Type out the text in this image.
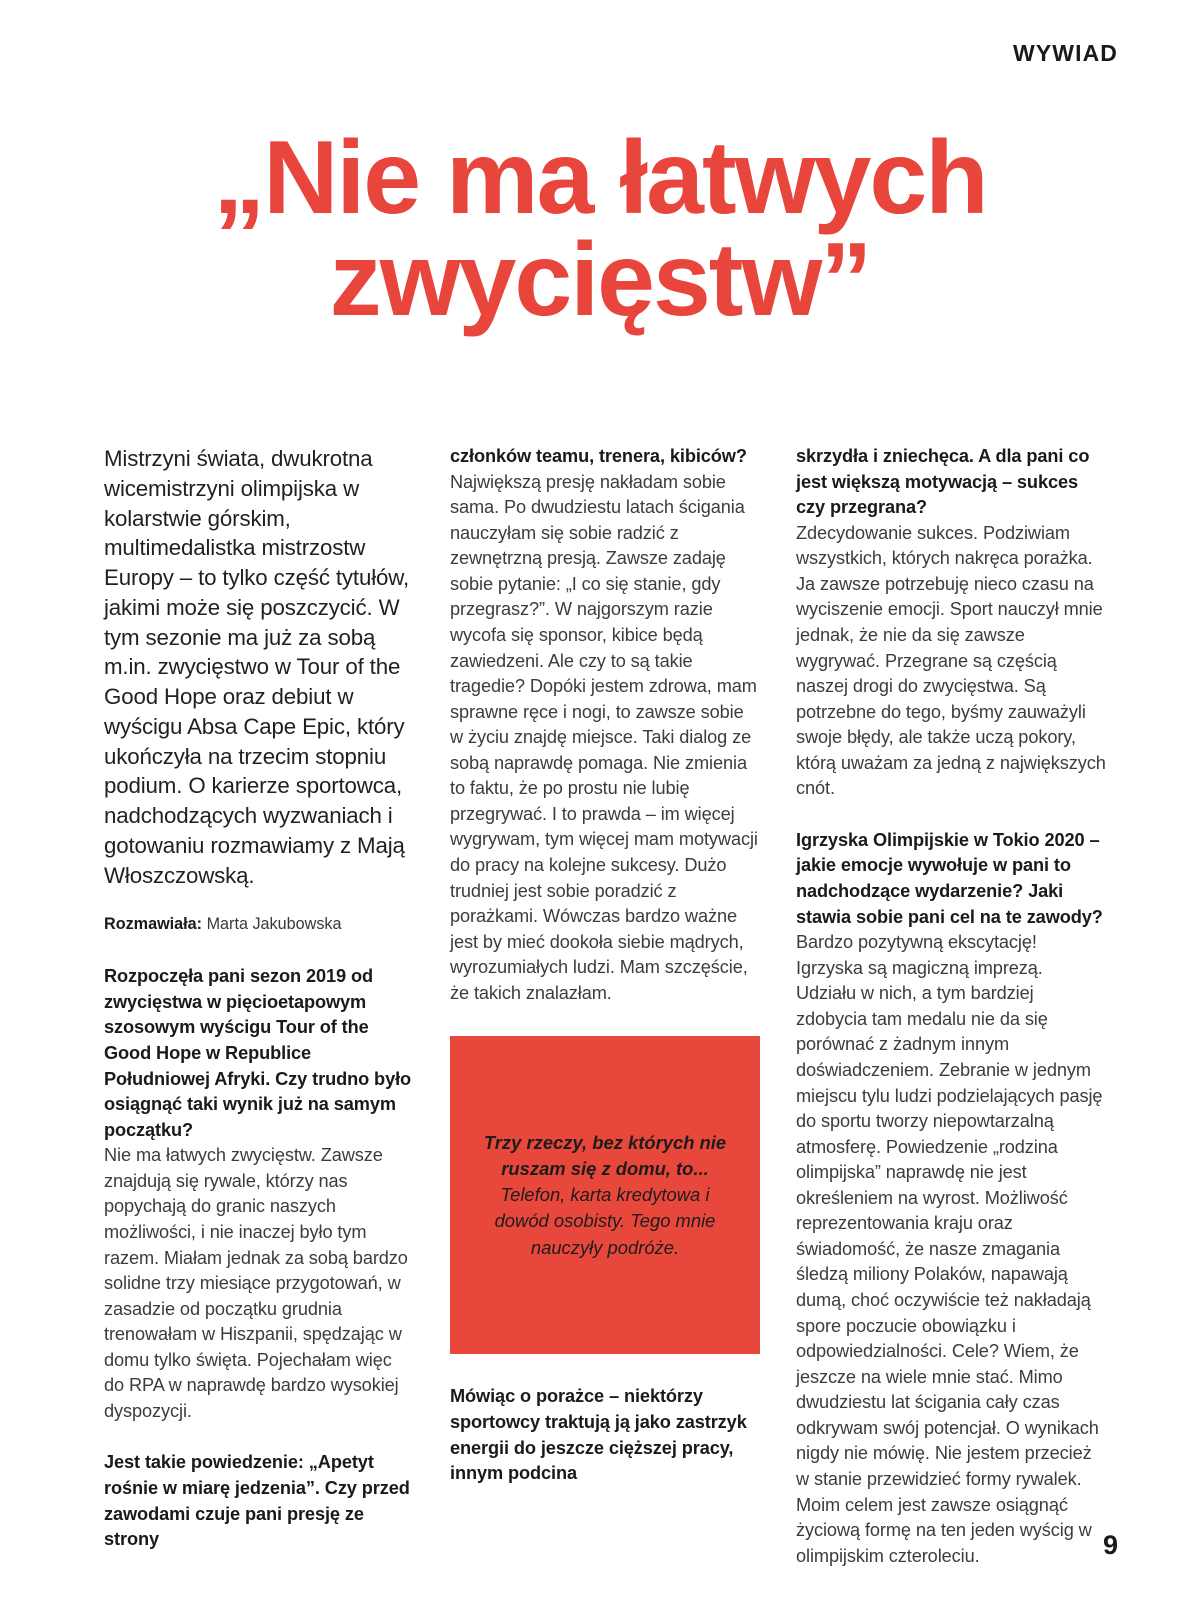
WYWIAD
„Nie ma łatwych
zwycięstw”

Mistrzyni świata, dwukrotna wicemistrzyni olimpijska w kolarstwie górskim, multimedalistka mistrzostw Europy – to tylko część tytułów, jakimi może się poszczycić. W tym sezonie ma już za sobą m.in. zwycięstwo w Tour of the Good Hope oraz debiut w wyścigu Absa Cape Epic, który ukończyła na trzecim stopniu podium. O karierze sportowca, nadchodzących wyzwaniach i gotowaniu rozmawiamy z Mają Włoszczowską.

Rozmawiała: Marta Jakubowska

Rozpoczęła pani sezon 2019 od zwycięstwa w pięcioetapowym szosowym wyścigu Tour of the Good Hope w Republice Południowej Afryki. Czy trudno było osiągnąć taki wynik już na samym początku?

Nie ma łatwych zwycięstw. Zawsze znajdują się rywale, którzy nas popychają do granic naszych możliwości, i nie inaczej było tym razem. Miałam jednak za sobą bardzo solidne trzy miesiące przygotowań, w zasadzie od początku grudnia trenowałam w Hiszpanii, spędzając w domu tylko święta. Pojechałam więc do RPA w naprawdę bardzo wysokiej dyspozycji.

Jest takie powiedzenie: „Apetyt rośnie w miarę jedzenia”. Czy przed zawodami czuje pani presję ze strony

członków teamu, trenera, kibiców?

Największą presję nakładam sobie sama. Po dwudziestu latach ścigania nauczyłam się sobie radzić z zewnętrzną presją. Zawsze zadaję sobie pytanie: „I co się stanie, gdy przegrasz?”. W najgorszym razie wycofa się sponsor, kibice będą zawiedzeni. Ale czy to są takie tragedie? Dopóki jestem zdrowa, mam sprawne ręce i nogi, to zawsze sobie w życiu znajdę miejsce. Taki dialog ze sobą naprawdę pomaga. Nie zmienia to faktu, że po prostu nie lubię przegrywać. I to prawda – im więcej wygrywam, tym więcej mam motywacji do pracy na kolejne sukcesy. Dużo trudniej jest sobie poradzić z porażkami. Wówczas bardzo ważne jest by mieć dookoła siebie mądrych, wyrozumiałych ludzi. Mam szczęście, że takich znalazłam.

Trzy rzeczy, bez których nie ruszam się z domu, to...
Telefon, karta kredytowa i dowód osobisty. Tego mnie nauczyły podróże.

Mówiąc o porażce – niektórzy sportowcy traktują ją jako zastrzyk energii do jeszcze cięższej pracy, innym podcina

skrzydła i zniechęca. A dla pani co jest większą motywacją – sukces czy przegrana?

Zdecydowanie sukces. Podziwiam wszystkich, których nakręca porażka. Ja zawsze potrzebuję nieco czasu na wyciszenie emocji. Sport nauczył mnie jednak, że nie da się zawsze wygrywać. Przegrane są częścią naszej drogi do zwycięstwa. Są potrzebne do tego, byśmy zauważyli swoje błędy, ale także uczą pokory, którą uważam za jedną z największych cnót.

Igrzyska Olimpijskie w Tokio 2020 – jakie emocje wywołuje w pani to nadchodzące wydarzenie? Jaki stawia sobie pani cel na te zawody?

Bardzo pozytywną ekscytację! Igrzyska są magiczną imprezą. Udziału w nich, a tym bardziej zdobycia tam medalu nie da się porównać z żadnym innym doświadczeniem. Zebranie w jednym miejscu tylu ludzi podzielających pasję do sportu tworzy niepowtarzalną atmosferę. Powiedzenie „rodzina olimpijska” naprawdę nie jest określeniem na wyrost. Możliwość reprezentowania kraju oraz świadomość, że nasze zmagania śledzą miliony Polaków, napawają dumą, choć oczywiście też nakładają spore poczucie obowiązku i odpowiedzialności. Cele? Wiem, że jeszcze na wiele mnie stać. Mimo dwudziestu lat ścigania cały czas odkrywam swój potencjał. O wynikach nigdy nie mówię. Nie jestem przecież w stanie przewidzieć formy rywalek. Moim celem jest zawsze osiągnąć życiową formę na ten jeden wyścig w olimpijskim czteroleciu.	9
